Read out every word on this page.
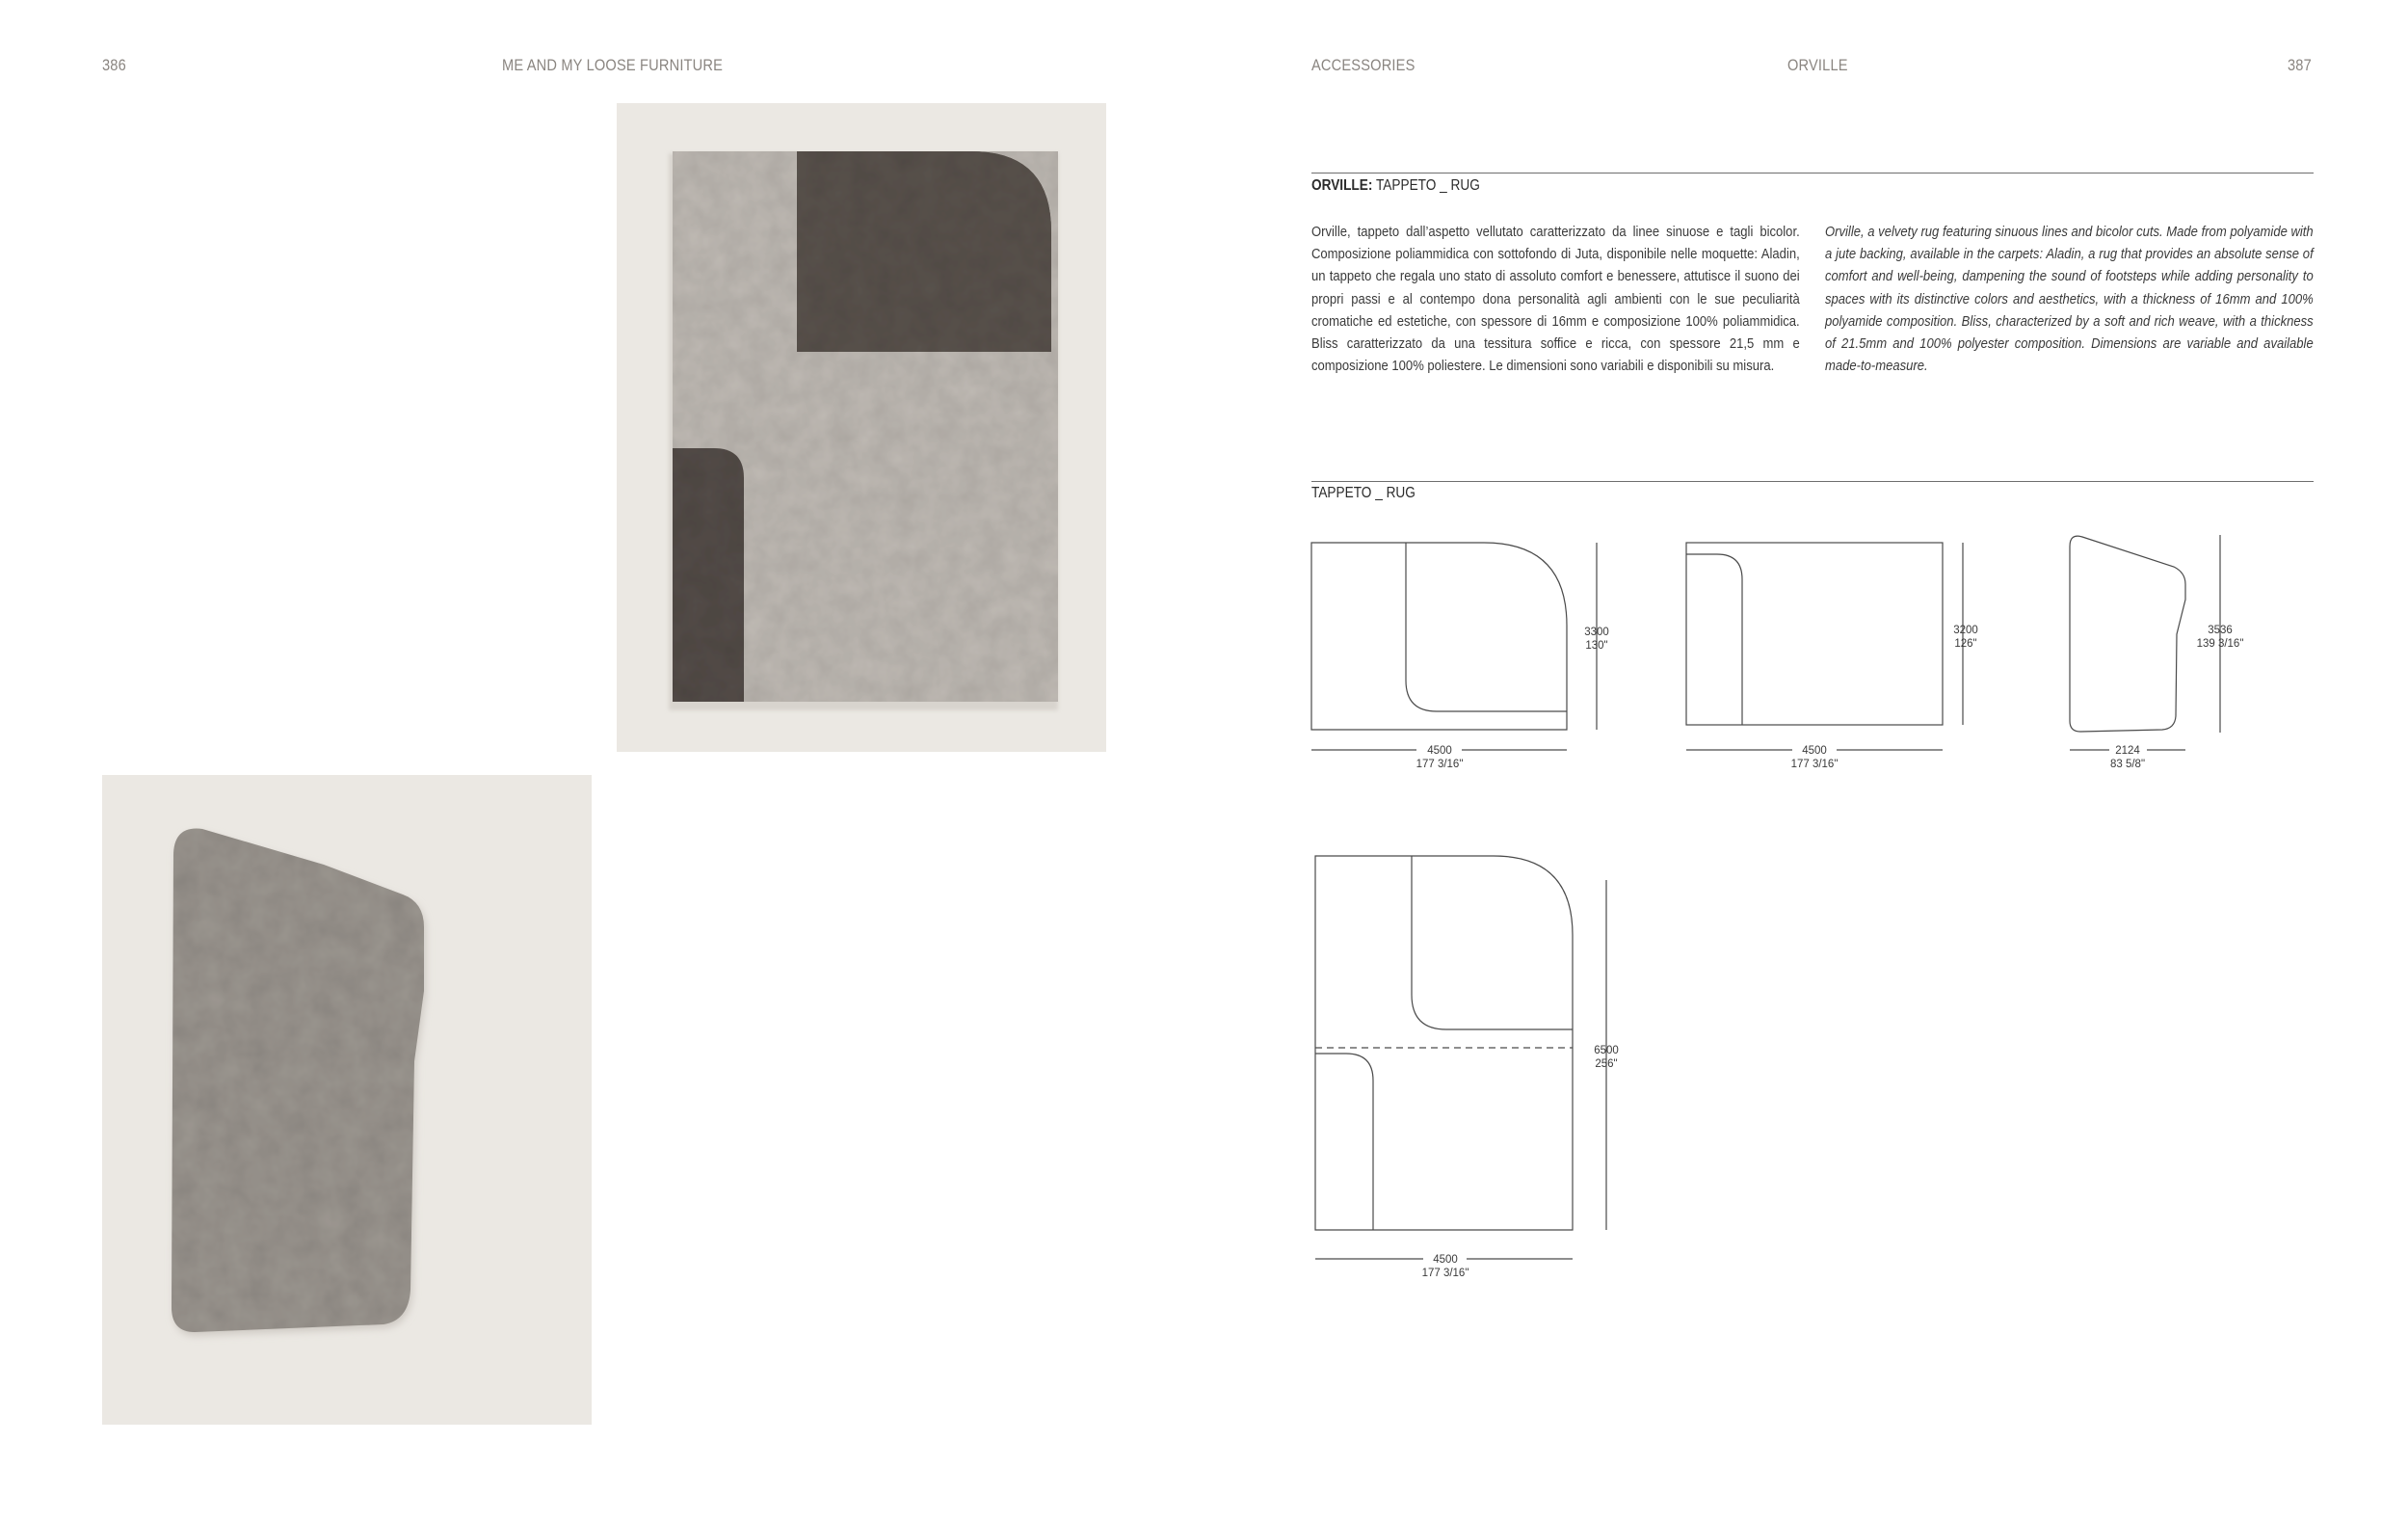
386	ME AND MY LOOSE FURNITURE	ACCESSORIES	ORVILLE	387
ORVILLE: TAPPETO _ RUG
Orville, tappeto dall’aspetto vellutato caratterizzato da linee sinuose e tagli bicolor. Composizione poliammidica con sottofondo di Juta, disponibile nelle moquette: Aladin, un tappeto che regala uno stato di assoluto comfort e benessere, attutisce il suono dei propri passi e al contempo dona personalità agli ambienti con le sue peculiarità cromatiche ed estetiche, con spessore di 16mm e composizione 100% poliammidica. Bliss caratterizzato da una tessitura soffice e ricca, con spessore 21,5 mm e composizione 100% poliestere. Le dimensioni sono variabili e disponibili su misura.
Orville, a velvety rug featuring sinuous lines and bicolor cuts. Made from polyamide with a jute backing, available in the carpets: Aladin, a rug that provides an absolute sense of comfort and well-being, dampening the sound of footsteps while adding personality to spaces with its distinctive colors and aesthetics, with a thickness of 16mm and 100% polyamide composition. Bliss, characterized by a soft and rich weave, with a thickness of 21.5mm and 100% polyester composition. Dimensions are variable and available made-to-measure.
TAPPETO _ RUG
4500
177 3/16"
3300
130"
4500
177 3/16"
3200
126"
2124
83 5/8"
3536
139 3/16"
4500
177 3/16"
6500
256"
